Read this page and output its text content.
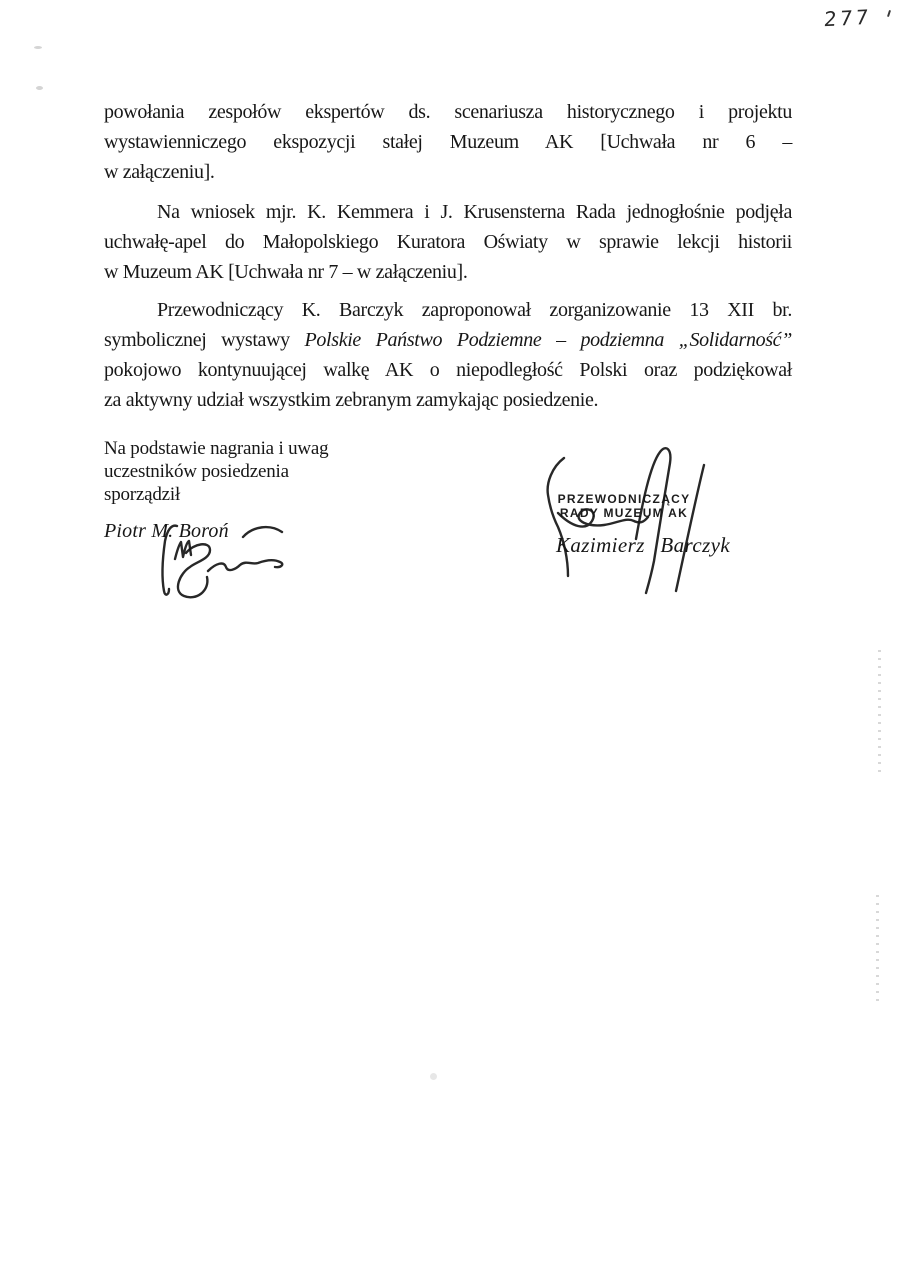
277
powołania zespołów ekspertów ds. scenariusza historycznego i projektu
wystawienniczego ekspozycji stałej Muzeum AK [Uchwała nr 6 –
w załączeniu].
Na wniosek mjr. K. Kemmera i J. Krusensterna Rada jednogłośnie podjęła
uchwałę-apel do Małopolskiego Kuratora Oświaty w sprawie lekcji historii
w Muzeum AK [Uchwała nr 7 – w załączeniu].
Przewodniczący K. Barczyk zaproponował zorganizowanie 13 XII br.
symbolicznej wystawy Polskie Państwo Podziemne – podziemna „Solidarność”
pokojowo kontynuującej walkę AK o niepodległość Polski oraz podziękował
za aktywny udział wszystkim zebranym zamykając posiedzenie.
Na podstawie nagrania i uwag
uczestników posiedzenia
sporządził
Piotr M. Boroń
PRZEWODNICZĄCY
RADY MUZEUM AK
Kazimierz Barczyk
